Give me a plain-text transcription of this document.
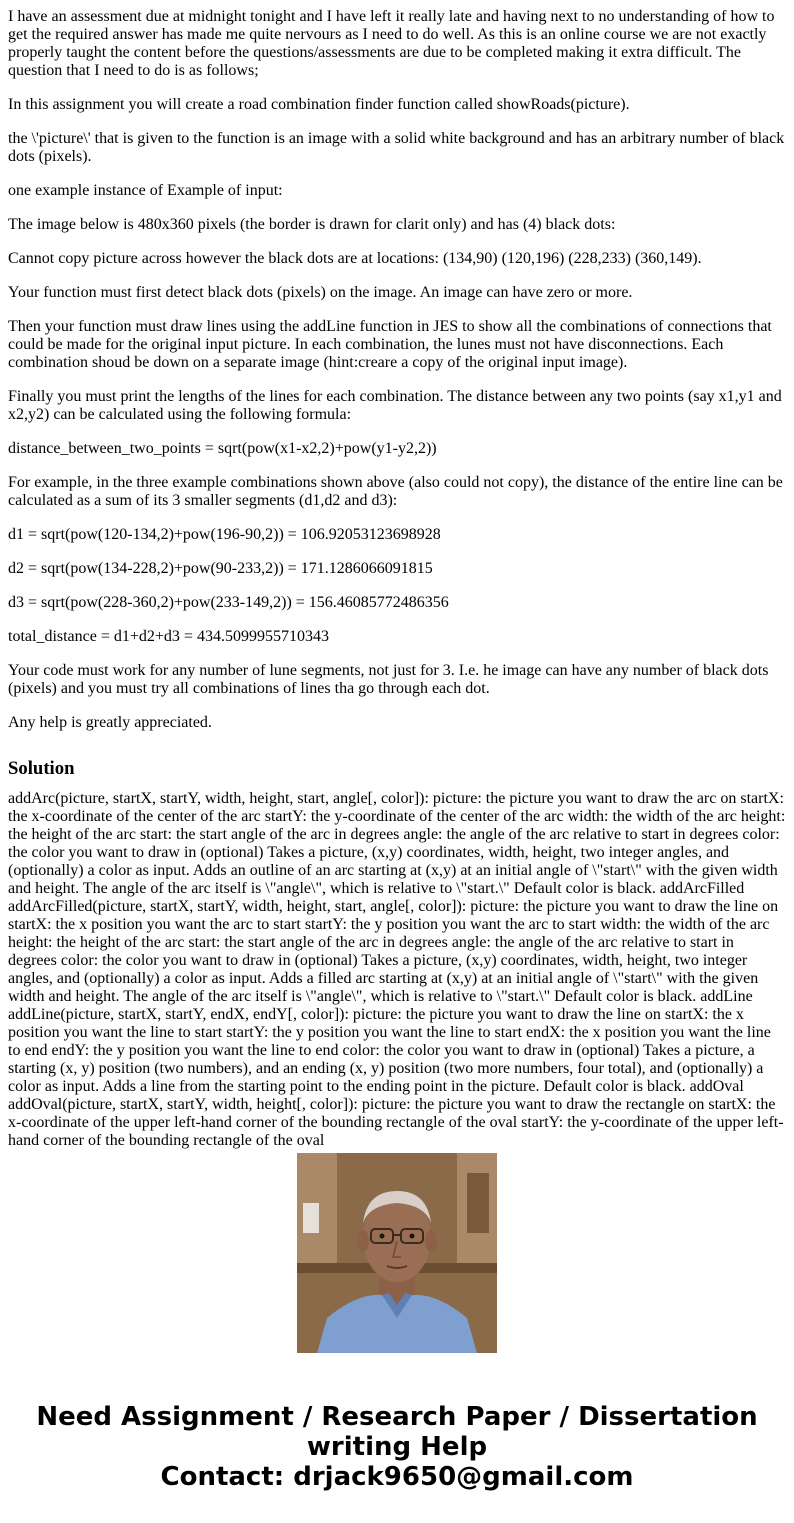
I have an assessment due at midnight tonight and I have left it really late and having next to no understanding of how to get the required answer has made me quite nervours as I need to do well. As this is an online course we are not exactly properly taught the content before the questions/assessments are due to be completed making it extra difficult. The question that I need to do is as follows;

In this assignment you will create a road combination finder function called showRoads(picture).

the \'picture\' that is given to the function is an image with a solid white background and has an arbitrary number of black dots (pixels).

one example instance of Example of input:

The image below is 480x360 pixels (the border is drawn for clarit only) and has (4) black dots:

Cannot copy picture across however the black dots are at locations: (134,90) (120,196) (228,233) (360,149).

Your function must first detect black dots (pixels) on the image. An image can have zero or more.

Then your function must draw lines using the addLine function in JES to show all the combinations of connections that could be made for the original input picture. In each combination, the lunes must not have disconnections. Each combination shoud be down on a separate image (hint:creare a copy of the original input image).

Finally you must print the lengths of the lines for each combination. The distance between any two points (say x1,y1 and x2,y2) can be calculated using the following formula:

distance_between_two_points = sqrt(pow(x1-x2,2)+pow(y1-y2,2))

For example, in the three example combinations shown above (also could not copy), the distance of the entire line can be calculated as a sum of its 3 smaller segments (d1,d2 and d3):

d1 = sqrt(pow(120-134,2)+pow(196-90,2)) = 106.92053123698928

d2 = sqrt(pow(134-228,2)+pow(90-233,2)) = 171.1286066091815

d3 = sqrt(pow(228-360,2)+pow(233-149,2)) = 156.46085772486356

total_distance = d1+d2+d3 = 434.5099955710343

Your code must work for any number of lune segments, not just for 3. I.e. he image can have any number of black dots (pixels) and you must try all combinations of lines tha go through each dot.

Any help is greatly appreciated.

Solution

addArc(picture, startX, startY, width, height, start, angle[, color]): picture: the picture you want to draw the arc on startX: the x-coordinate of the center of the arc startY: the y-coordinate of the center of the arc width: the width of the arc height: the height of the arc start: the start angle of the arc in degrees angle: the angle of the arc relative to start in degrees color: the color you want to draw in (optional) Takes a picture, (x,y) coordinates, width, height, two integer angles, and (optionally) a color as input. Adds an outline of an arc starting at (x,y) at an initial angle of \"start\" with the given width and height. The angle of the arc itself is \"angle\", which is relative to \"start.\" Default color is black. addArcFilled addArcFilled(picture, startX, startY, width, height, start, angle[, color]): picture: the picture you want to draw the line on startX: the x position you want the arc to start startY: the y position you want the arc to start width: the width of the arc height: the height of the arc start: the start angle of the arc in degrees angle: the angle of the arc relative to start in degrees color: the color you want to draw in (optional) Takes a picture, (x,y) coordinates, width, height, two integer angles, and (optionally) a color as input. Adds a filled arc starting at (x,y) at an initial angle of \"start\" with the given width and height. The angle of the arc itself is \"angle\", which is relative to \"start.\" Default color is black. addLine addLine(picture, startX, startY, endX, endY[, color]): picture: the picture you want to draw the line on startX: the x position you want the line to start startY: the y position you want the line to start endX: the x position you want the line to end endY: the y position you want the line to end color: the color you want to draw in (optional) Takes a picture, a starting (x, y) position (two numbers), and an ending (x, y) position (two more numbers, four total), and (optionally) a color as input. Adds a line from the starting point to the ending point in the picture. Default color is black. addOval addOval(picture, startX, startY, width, height[, color]): picture: the picture you want to draw the rectangle on startX: the x-coordinate of the upper left-hand corner of the bounding rectangle of the oval startY: the y-coordinate of the upper left-hand corner of the bounding rectangle of the oval

Need Assignment / Research Paper / Dissertation
writing Help
Contact: drjack9650@gmail.com
